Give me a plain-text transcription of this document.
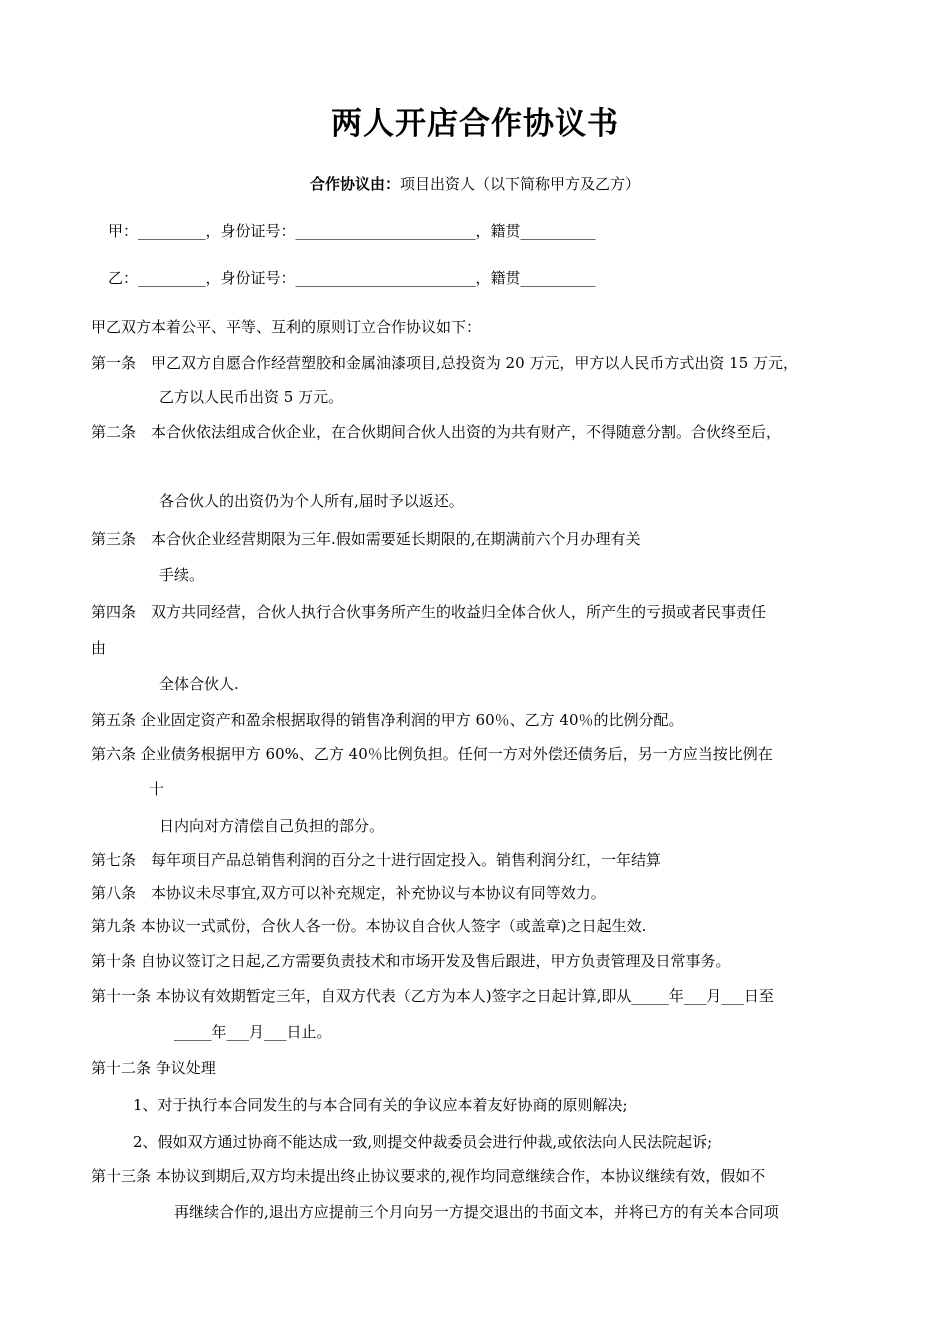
两人开店合作协议书
合作协议由：项目出资人（以下简称甲方及乙方）
甲：_________，身份证号：________________________，籍贯__________
乙：_________，身份证号：________________________，籍贯__________
甲乙双方本着公平、平等、互利的原则订立合作协议如下：
第一条　甲乙双方自愿合作经营塑胶和金属油漆项目,总投资为 20 万元，甲方以人民币方式出资 15 万元，
乙方以人民币出资 5 万元。
第二条　本合伙依法组成合伙企业，在合伙期间合伙人出资的为共有财产，不得随意分割。合伙终至后，
各合伙人的出资仍为个人所有,届时予以返还。
第三条　本合伙企业经营期限为三年.假如需要延长期限的,在期满前六个月办理有关
手续。
第四条　双方共同经营，合伙人执行合伙事务所产生的收益归全体合伙人，所产生的亏损或者民事责任
由
全体合伙人.
第五条 企业固定资产和盈余根据取得的销售净利润的甲方 60％、乙方 40％的比例分配。
第六条 企业债务根据甲方 60%、乙方 40％比例负担。任何一方对外偿还债务后，另一方应当按比例在
十
日内向对方清偿自己负担的部分。
第七条　每年项目产品总销售利润的百分之十进行固定投入。销售利润分红，一年结算
第八条　本协议未尽事宜,双方可以补充规定，补充协议与本协议有同等效力。
第九条 本协议一式贰份，合伙人各一份。本协议自合伙人签字（或盖章)之日起生效.
第十条 自协议签订之日起,乙方需要负责技术和市场开发及售后跟进，甲方负责管理及日常事务。
第十一条 本协议有效期暂定三年，自双方代表（乙方为本人)签字之日起计算,即从_____年___月___日至
_____年___月___日止。
第十二条 争议处理
1、对于执行本合同发生的与本合同有关的争议应本着友好协商的原则解决;
2、假如双方通过协商不能达成一致,则提交仲裁委员会进行仲裁,或依法向人民法院起诉;
第十三条 本协议到期后,双方均未提出终止协议要求的,视作均同意继续合作，本协议继续有效，假如不
再继续合作的,退出方应提前三个月向另一方提交退出的书面文本，并将已方的有关本合同项
